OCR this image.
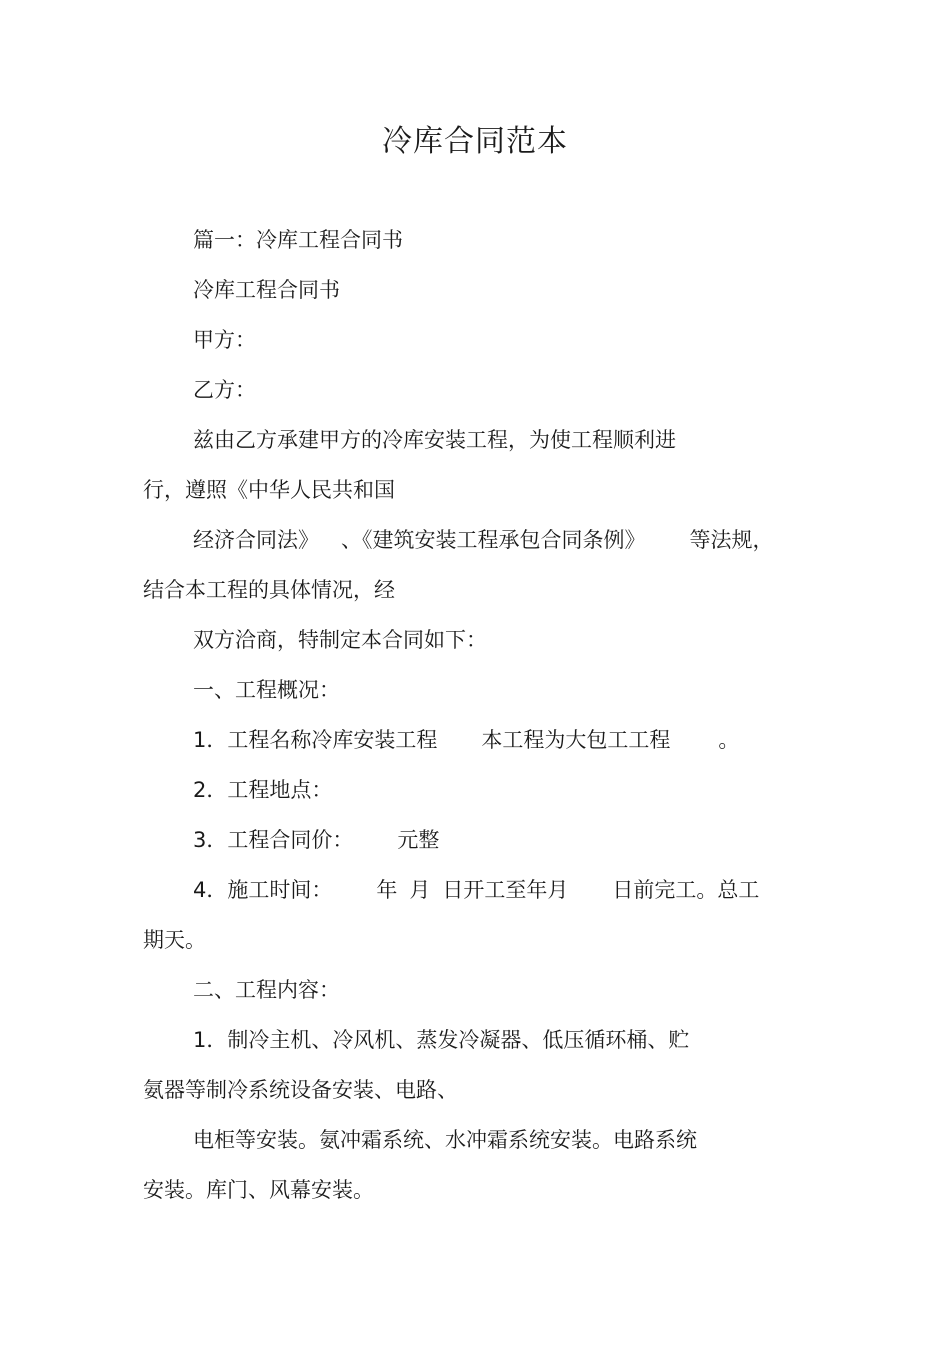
冷库合同范本
篇一：冷库工程合同书
冷库工程合同书
甲方：
乙方：
兹由乙方承建甲方的冷库安装工程，为使工程顺利进
行，遵照《中华人民共和国
经济合同法》 、《建筑安装工程承包合同条例》 等法规，
结合本工程的具体情况，经
双方洽商，特制定本合同如下：
一、工程概况：
1．工程名称冷库安装工程 本工程为大包工工程 。
2．工程地点：
3．工程合同价： 元整
4．施工时间： 年 月 日开工至年月 日前完工。总工
期天。
二、工程内容：
1．制冷主机、冷风机、蒸发冷凝器、低压循环桶、贮
氨器等制冷系统设备安装、电路、
电柜等安装。氨冲霜系统、水冲霜系统安装。电路系统
安装。库门、风幕安装。
